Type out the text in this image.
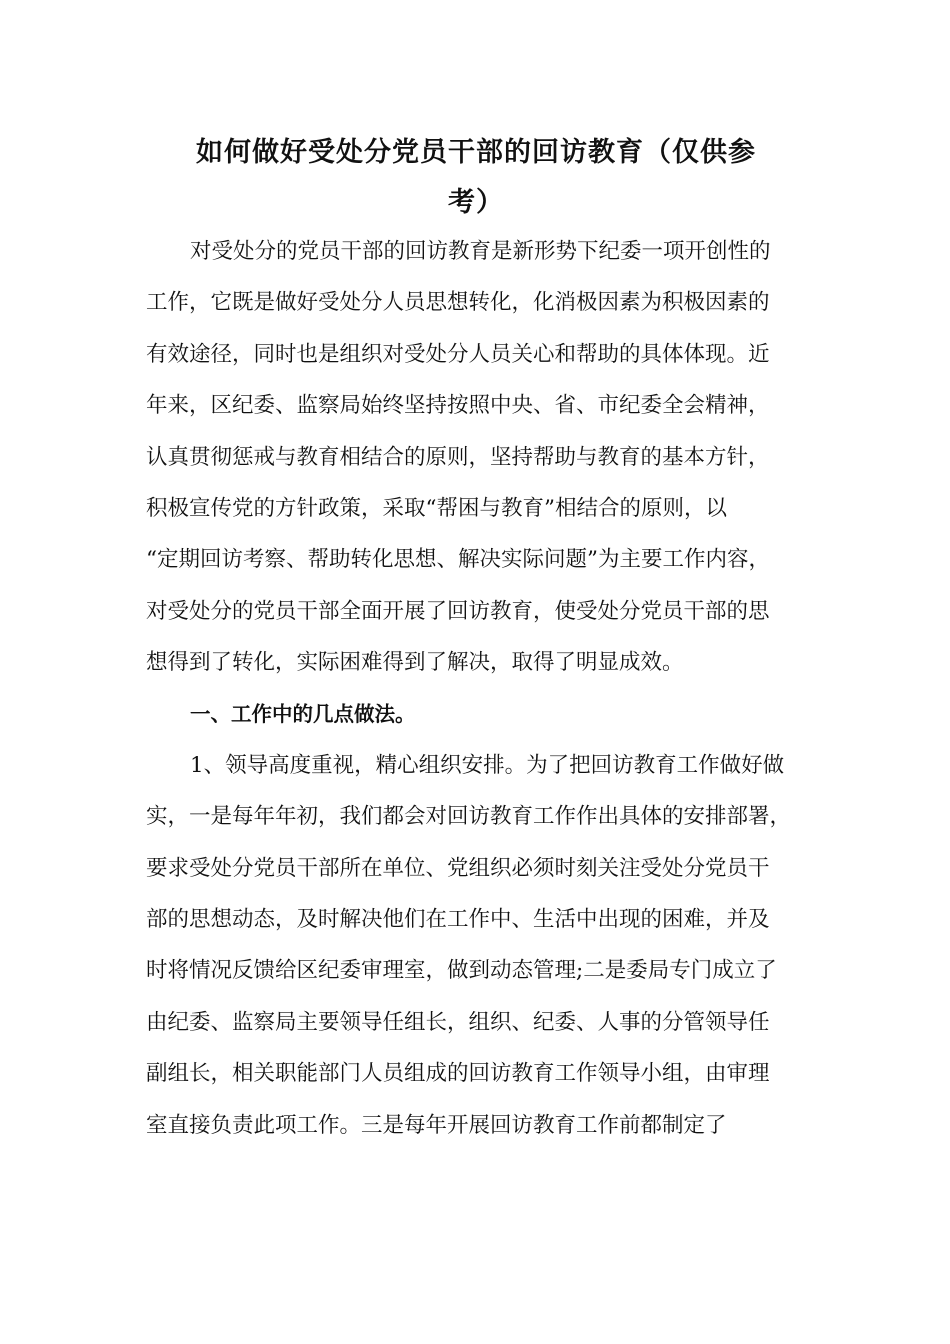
如何做好受处分党员干部的回访教育（仅供参
考）
对受处分的党员干部的回访教育是新形势下纪委一项开创性的
工作，它既是做好受处分人员思想转化，化消极因素为积极因素的
有效途径，同时也是组织对受处分人员关心和帮助的具体体现。近
年来，区纪委、监察局始终坚持按照中央、省、市纪委全会精神，
认真贯彻惩戒与教育相结合的原则，坚持帮助与教育的基本方针，
积极宣传党的方针政策，采取“帮困与教育”相结合的原则，以
“定期回访考察、帮助转化思想、解决实际问题”为主要工作内容，
对受处分的党员干部全面开展了回访教育，使受处分党员干部的思
想得到了转化，实际困难得到了解决，取得了明显成效。
一、工作中的几点做法。
1、领导高度重视，精心组织安排。为了把回访教育工作做好做
实，一是每年年初，我们都会对回访教育工作作出具体的安排部署，
要求受处分党员干部所在单位、党组织必须时刻关注受处分党员干
部的思想动态，及时解决他们在工作中、生活中出现的困难，并及
时将情况反馈给区纪委审理室，做到动态管理;二是委局专门成立了
由纪委、监察局主要领导任组长，组织、纪委、人事的分管领导任
副组长，相关职能部门人员组成的回访教育工作领导小组，由审理
室直接负责此项工作。三是每年开展回访教育工作前都制定了
